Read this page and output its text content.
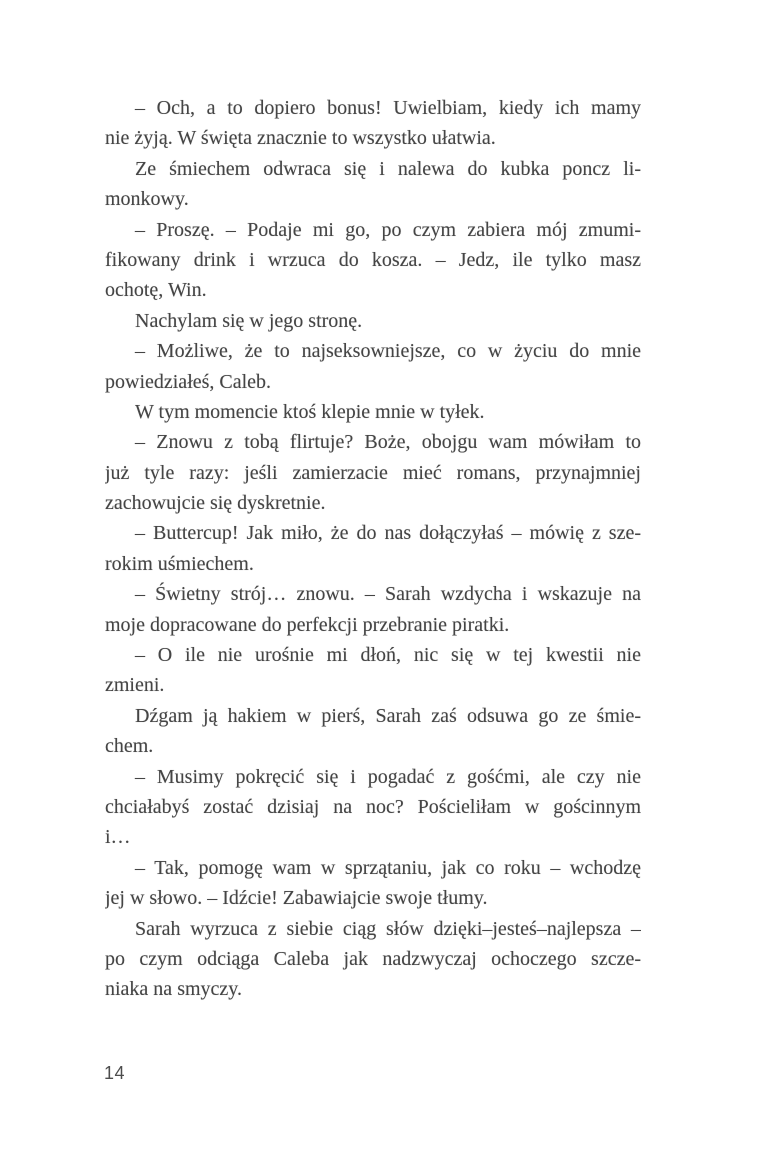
– Och, a to dopiero bonus! Uwielbiam, kiedy ich mamy
nie żyją. W święta znacznie to wszystko ułatwia.
Ze śmiechem odwraca się i nalewa do kubka poncz li-
monkowy.
– Proszę. – Podaje mi go, po czym zabiera mój zmumi-
fikowany drink i wrzuca do kosza. – Jedz, ile tylko masz
ochotę, Win.
Nachylam się w jego stronę.
– Możliwe, że to najseksowniejsze, co w życiu do mnie
powiedziałeś, Caleb.
W tym momencie ktoś klepie mnie w tyłek.
– Znowu z tobą flirtuje? Boże, obojgu wam mówiłam to
już tyle razy: jeśli zamierzacie mieć romans, przynajmniej
zachowujcie się dyskretnie.
– Buttercup! Jak miło, że do nas dołączyłaś – mówię z sze-
rokim uśmiechem.
– Świetny strój… znowu. – Sarah wzdycha i wskazuje na
moje dopracowane do perfekcji przebranie piratki.
– O ile nie urośnie mi dłoń, nic się w tej kwestii nie
zmieni.
Dźgam ją hakiem w pierś, Sarah zaś odsuwa go ze śmie-
chem.
– Musimy pokręcić się i pogadać z gośćmi, ale czy nie
chciałabyś zostać dzisiaj na noc? Pościeliłam w gościnnym
i…
– Tak, pomogę wam w sprzątaniu, jak co roku – wchodzę
jej w słowo. – Idźcie! Zabawiajcie swoje tłumy.
Sarah wyrzuca z siebie ciąg słów dzięki–jesteś–najlepsza –
po czym odciąga Caleba jak nadzwyczaj ochoczego szcze-
niaka na smyczy.
14
